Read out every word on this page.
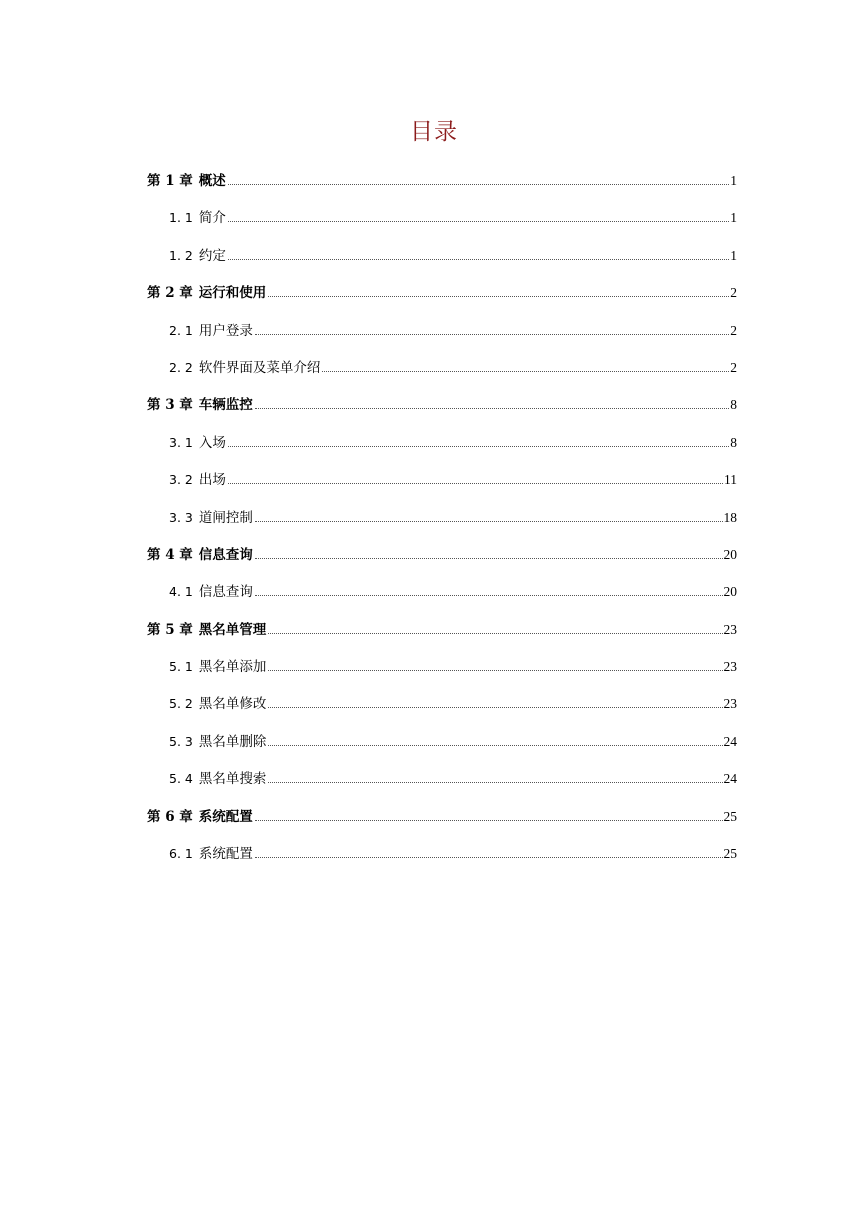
目录
第 1 章 概述	1
1. 1 简介	1
1. 2 约定	1
第 2 章 运行和使用	2
2. 1 用户登录	2
2. 2 软件界面及菜单介绍	2
第 3 章 车辆监控	8
3. 1 入场	8
3. 2 出场	11
3. 3 道闸控制	18
第 4 章 信息查询	20
4. 1 信息查询	20
第 5 章 黑名单管理	23
5. 1 黑名单添加	23
5. 2 黑名单修改	23
5. 3 黑名单删除	24
5. 4 黑名单搜索	24
第 6 章 系统配置	25
6. 1 系统配置	25
